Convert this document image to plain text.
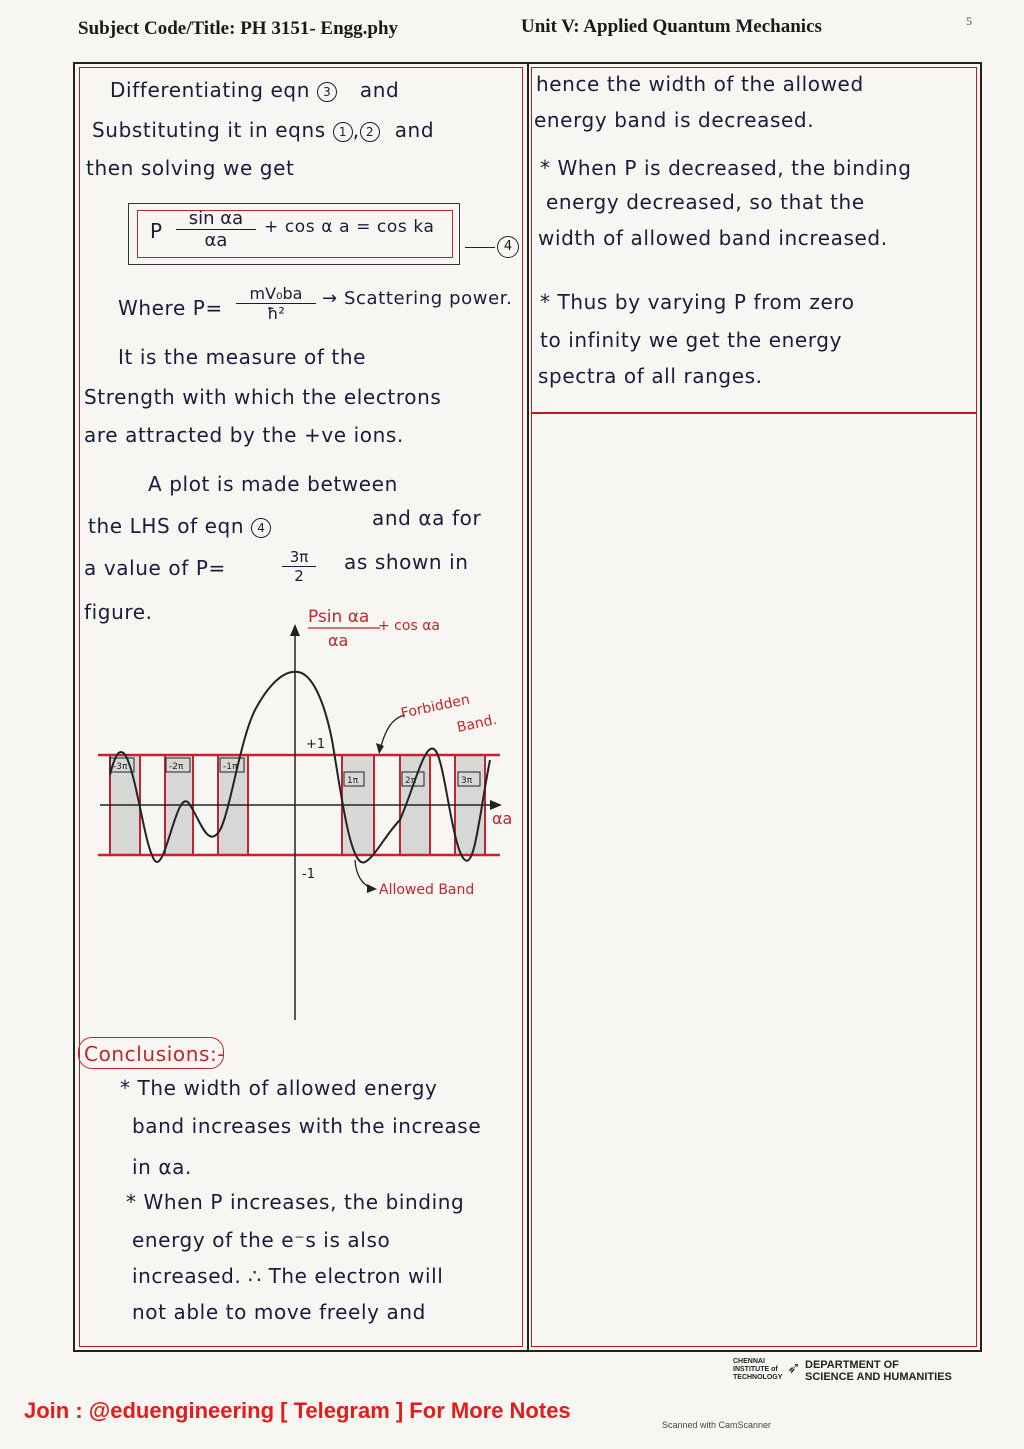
Subject Code/Title: PH 3151- Engg.phy	Unit V: Applied Quantum Mechanics	5
Differentiating eqn 3 and
Substituting it in eqns 1 , 2 and
then solving we get
P $\frac{\text{sin αa}}{\alpha a} + \cos \alpha$ a = cos ka
4
Where $P= \frac{\text{mV₀ba}}{\text{ħ²}}$ → Scattering power.
It is the measure of the
Strength with which the electrons
are attracted by the +ve ions.
A plot is made between
the LHS of eqn 4	and αa for
a value of P=	$\frac{3\pi}{2}$ as shown in
figure.
-3π	-2π	-1π
1π	2π	3π
+1
-1
αa
Psin αa
αa
+ cos αa
Forbidden
Band.
Allowed Band
Conclusions:-
* The width of allowed energy
band increases with the increase
in αa.
* When P increases, the binding
energy of the e⁻s is also
increased. ∴ The electron will
not able to move freely and
hence the width of the allowed
energy band is decreased.
* When P is decreased, the binding
energy decreased, so that the
width of allowed band increased.
* Thus by varying P from zero
to infinity we get the energy
spectra of all ranges.
CHENNAI
INSTITUTE of
TECHNOLOGY
➶ DEPARTMENT OF
SCIENCE AND HUMANITIES
Join : @eduengineering [ Telegram ] For More Notes
Scanned with CamScanner
